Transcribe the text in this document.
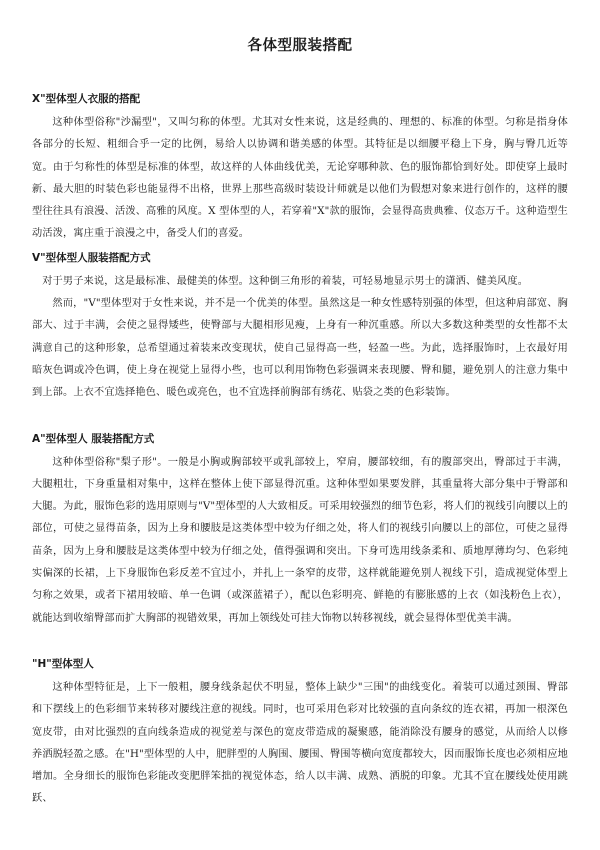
各体型服装搭配
X"型体型人衣服的搭配

这种体型俗称"沙漏型"，又叫匀称的体型。尤其对女性来说，这是经典的、理想的、标准的体型。匀称是指身体各部分的长短、粗细合乎一定的比例，易给人以协调和谐美感的体型。其特征是以细腰平稳上下身，胸与臀几近等宽。由于匀称性的体型是标准的体型，故这样的人体曲线优美，无论穿哪种款、色的服饰都恰到好处。即使穿上最时新、最大胆的时装色彩也能显得不出格，世界上那些高级时装设计师就是以他们为假想对象来进行创作的，这样的腰型往往具有浪漫、活泼、高雅的风度。X 型体型的人，若穿着"X"款的服饰，会显得高贵典雅、仪态万千。这种造型生动活泼，寓庄重于浪漫之中，备受人们的喜爱。

V"型体型人服装搭配方式

对于男子来说，这是最标准、最健美的体型。这种倒三角形的着装，可轻易地显示男士的潇洒、健美风度。

然而，"V"型体型对于女性来说，并不是一个优美的体型。虽然这是一种女性感特别强的体型，但这种肩部宽、胸部大、过于丰满，会使之显得矮些，使臀部与大腿相形见瘦，上身有一种沉重感。所以大多数这种类型的女性都不太满意自己的这种形象，总希望通过着装来改变现状，使自己显得高一些，轻盈一些。为此，选择服饰时，上衣最好用暗灰色调或冷色调，使上身在视觉上显得小些，也可以利用饰物色彩强调来表现腰、臀和腿，避免别人的注意力集中到上部。上衣不宜选择艳色、暖色或亮色，也不宜选择前胸部有绣花、贴袋之类的色彩装饰。

A"型体型人 服装搭配方式

这种体型俗称"梨子形"。一般是小胸或胸部较平或乳部较上，窄肩，腰部较细，有的腹部突出，臀部过于丰满，大腿粗壮，下身重量相对集中，这样在整体上使下部显得沉重。这种体型如果要发胖，其重量将大部分集中于臀部和大腿。为此，服饰色彩的选用原则与"V"型体型的人大致相反。可采用较强烈的细节色彩，将人们的视线引向腰以上的部位，可使之显得苗条，因为上身和腰肢是这类体型中较为仔细之处，将人们的视线引向腰以上的部位，可使之显得苗条，因为上身和腰肢是这类体型中较为仔细之处，值得强调和突出。下身可选用线条柔和、质地厚薄均匀、色彩纯实偏深的长裙，上下身服饰色彩反差不宜过小，并扎上一条窄的皮带，这样就能避免别人视线下引，造成视觉体型上匀称之效果，或者下裙用较暗、单一色调（或深蓝裙子），配以色彩明亮、鲜艳的有膨胀感的上衣（如浅粉色上衣），就能达到收缩臀部而扩大胸部的视错效果，再加上领线处可挂大饰物以转移视线，就会显得体型优美丰满。

"H"型体型人

这种体型特征是，上下一般粗，腰身线条起伏不明显，整体上缺少"三围"的曲线变化。着装可以通过颈围、臀部和下摆线上的色彩细节来转移对腰线注意的视线。同时，也可采用色彩对比较强的直向条纹的连衣裙，再加一根深色宽皮带，由对比强烈的直向线条造成的视觉差与深色的宽皮带造成的凝聚感，能消除没有腰身的感觉，从而给人以修养洒脱轻盈之感。在"H"型体型的人中，肥胖型的人胸围、腰围、臀围等横向宽度都较大，因而服饰长度也必须相应地增加。全身细长的服饰色彩能改变肥胖笨拙的视觉体态，给人以丰满、成熟、洒脱的印象。尤其不宜在腰线处使用跳跃、
